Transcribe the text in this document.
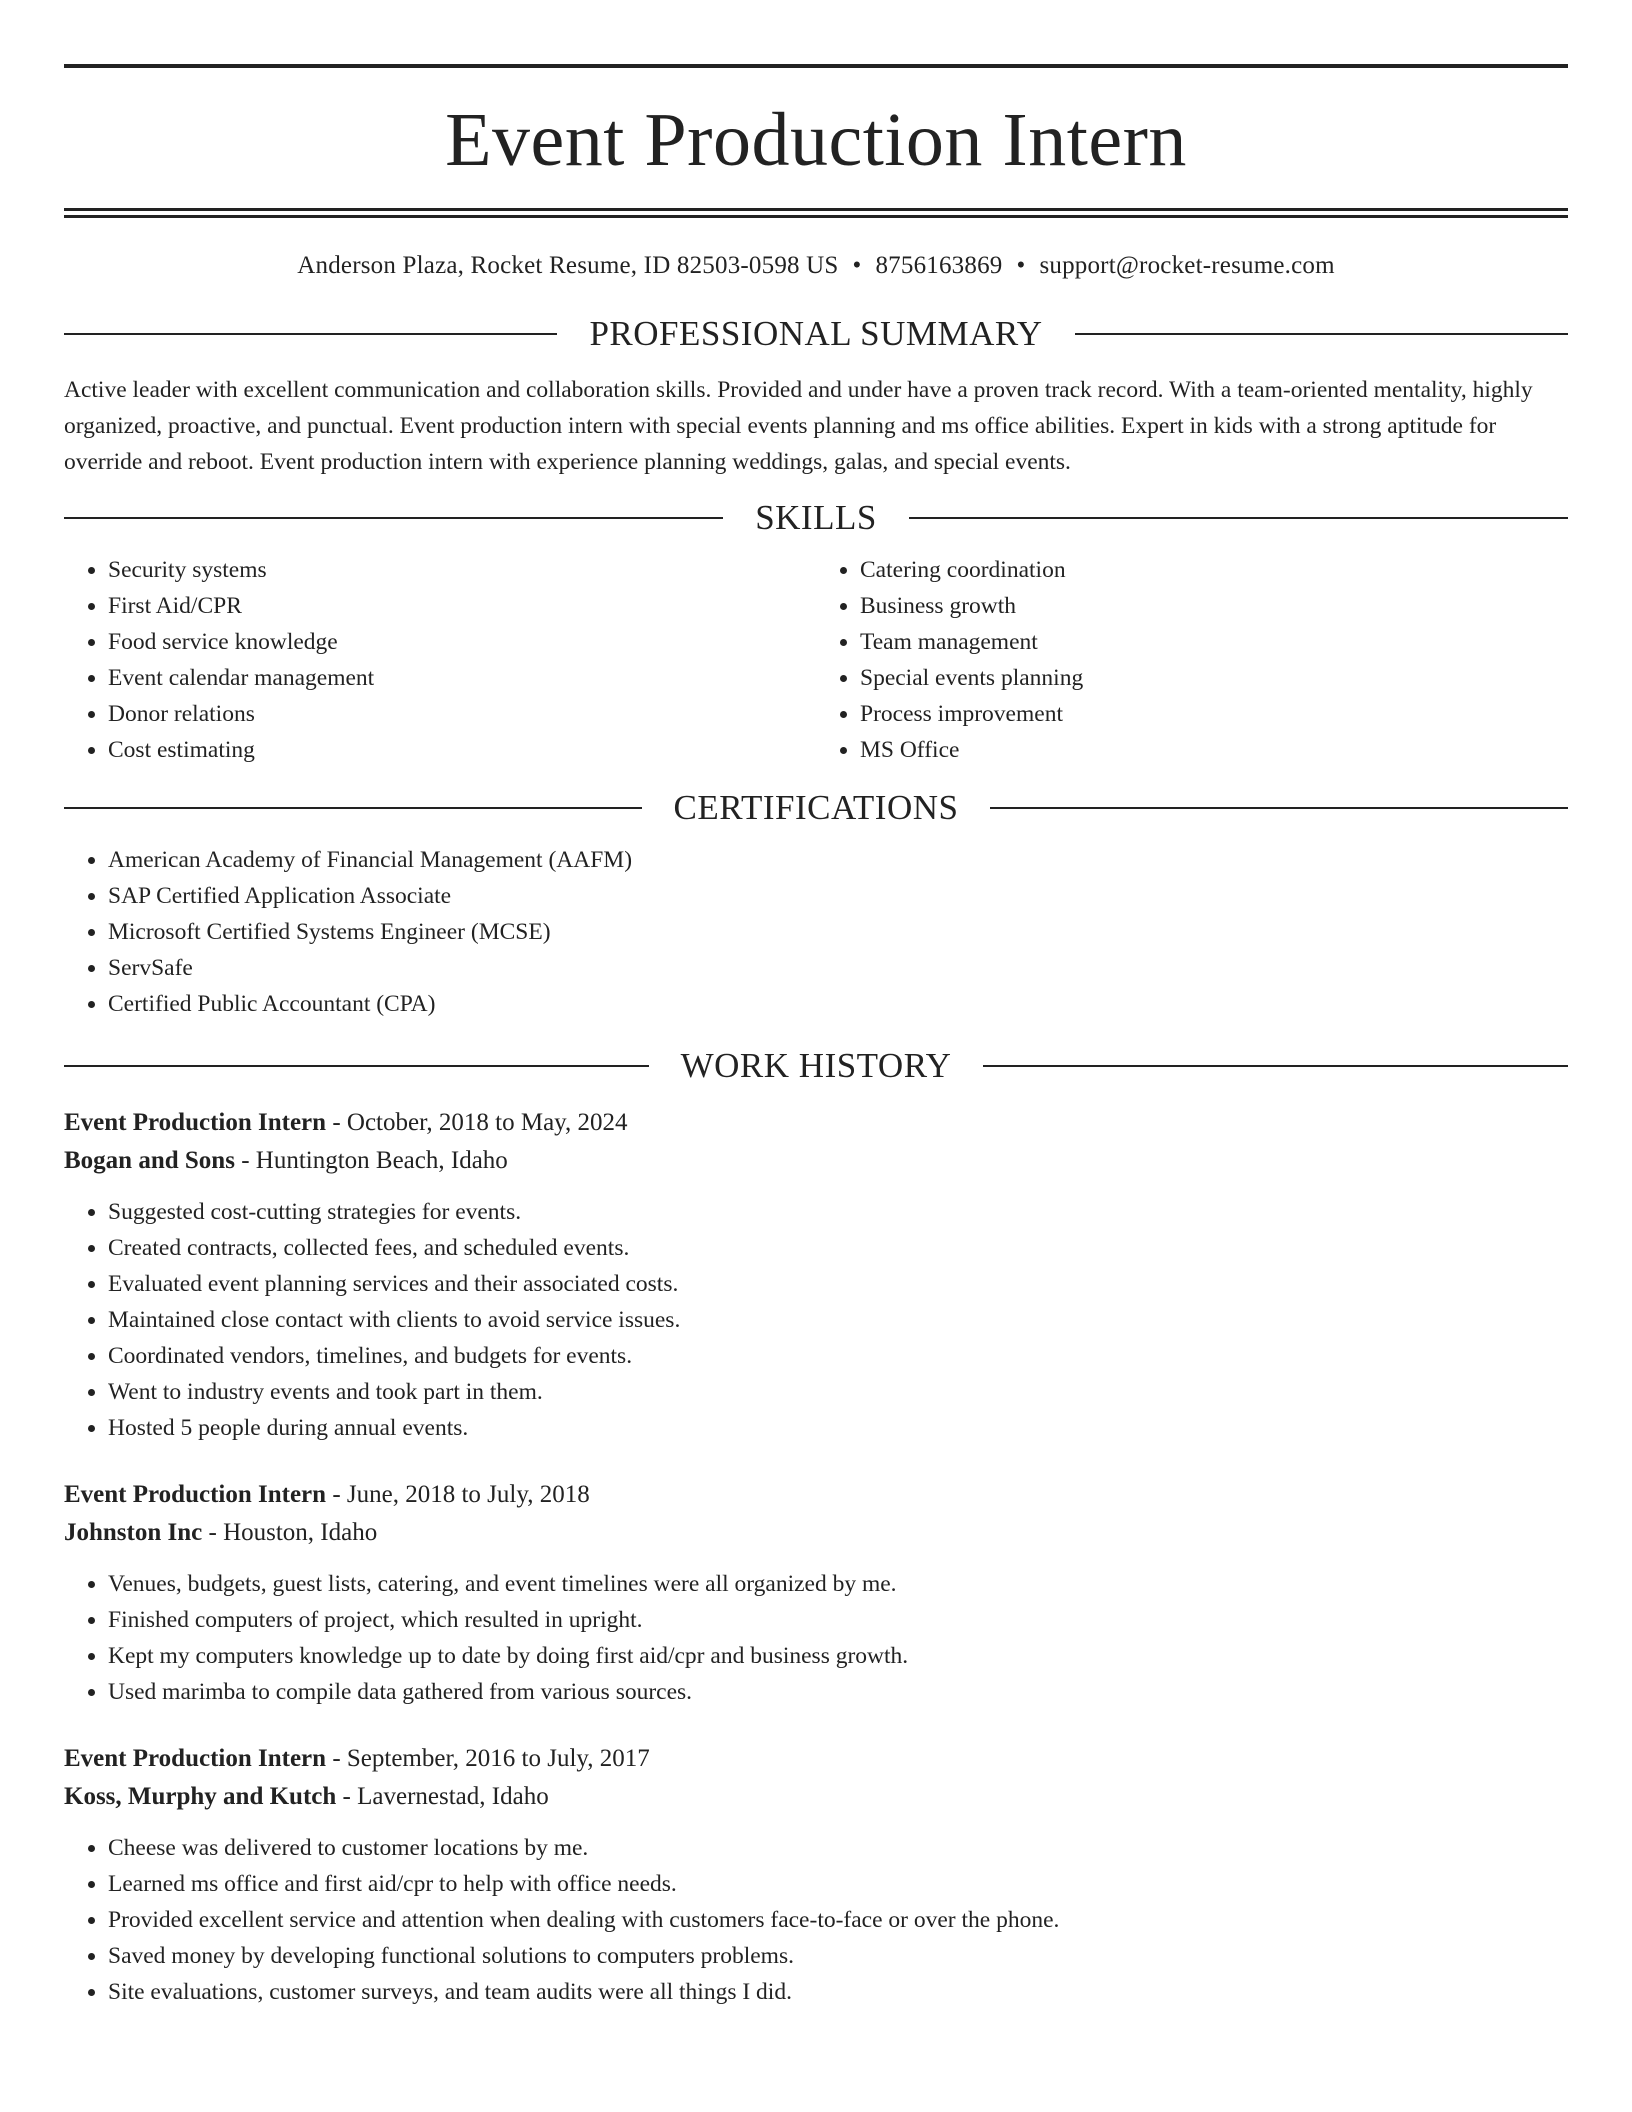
Event Production Intern
Anderson Plaza, Rocket Resume, ID 82503-0598 US • 8756163869 • support@rocket-resume.com
PROFESSIONAL SUMMARY

Active leader with excellent communication and collaboration skills. Provided and under have a proven track record. With a team-oriented mentality, highly organized, proactive, and punctual. Event production intern with special events planning and ms office abilities. Expert in kids with a strong aptitude for override and reboot. Event production intern with experience planning weddings, galas, and special events.

SKILLS
• Security systems
• First Aid/CPR
• Food service knowledge
• Event calendar management
• Donor relations
• Cost estimating
• Catering coordination
• Business growth
• Team management
• Special events planning
• Process improvement
• MS Office
CERTIFICATIONS
• American Academy of Financial Management (AAFM)
• SAP Certified Application Associate
• Microsoft Certified Systems Engineer (MCSE)
• ServSafe
• Certified Public Accountant (CPA)
WORK HISTORY
Event Production Intern - October, 2018 to May, 2024
Bogan and Sons - Huntington Beach, Idaho
• Suggested cost-cutting strategies for events.
• Created contracts, collected fees, and scheduled events.
• Evaluated event planning services and their associated costs.
• Maintained close contact with clients to avoid service issues.
• Coordinated vendors, timelines, and budgets for events.
• Went to industry events and took part in them.
• Hosted 5 people during annual events.
Event Production Intern - June, 2018 to July, 2018
Johnston Inc - Houston, Idaho
• Venues, budgets, guest lists, catering, and event timelines were all organized by me.
• Finished computers of project, which resulted in upright.
• Kept my computers knowledge up to date by doing first aid/cpr and business growth.
• Used marimba to compile data gathered from various sources.
Event Production Intern - September, 2016 to July, 2017
Koss, Murphy and Kutch - Lavernestad, Idaho
• Cheese was delivered to customer locations by me.
• Learned ms office and first aid/cpr to help with office needs.
• Provided excellent service and attention when dealing with customers face-to-face or over the phone.
• Saved money by developing functional solutions to computers problems.
• Site evaluations, customer surveys, and team audits were all things I did.
